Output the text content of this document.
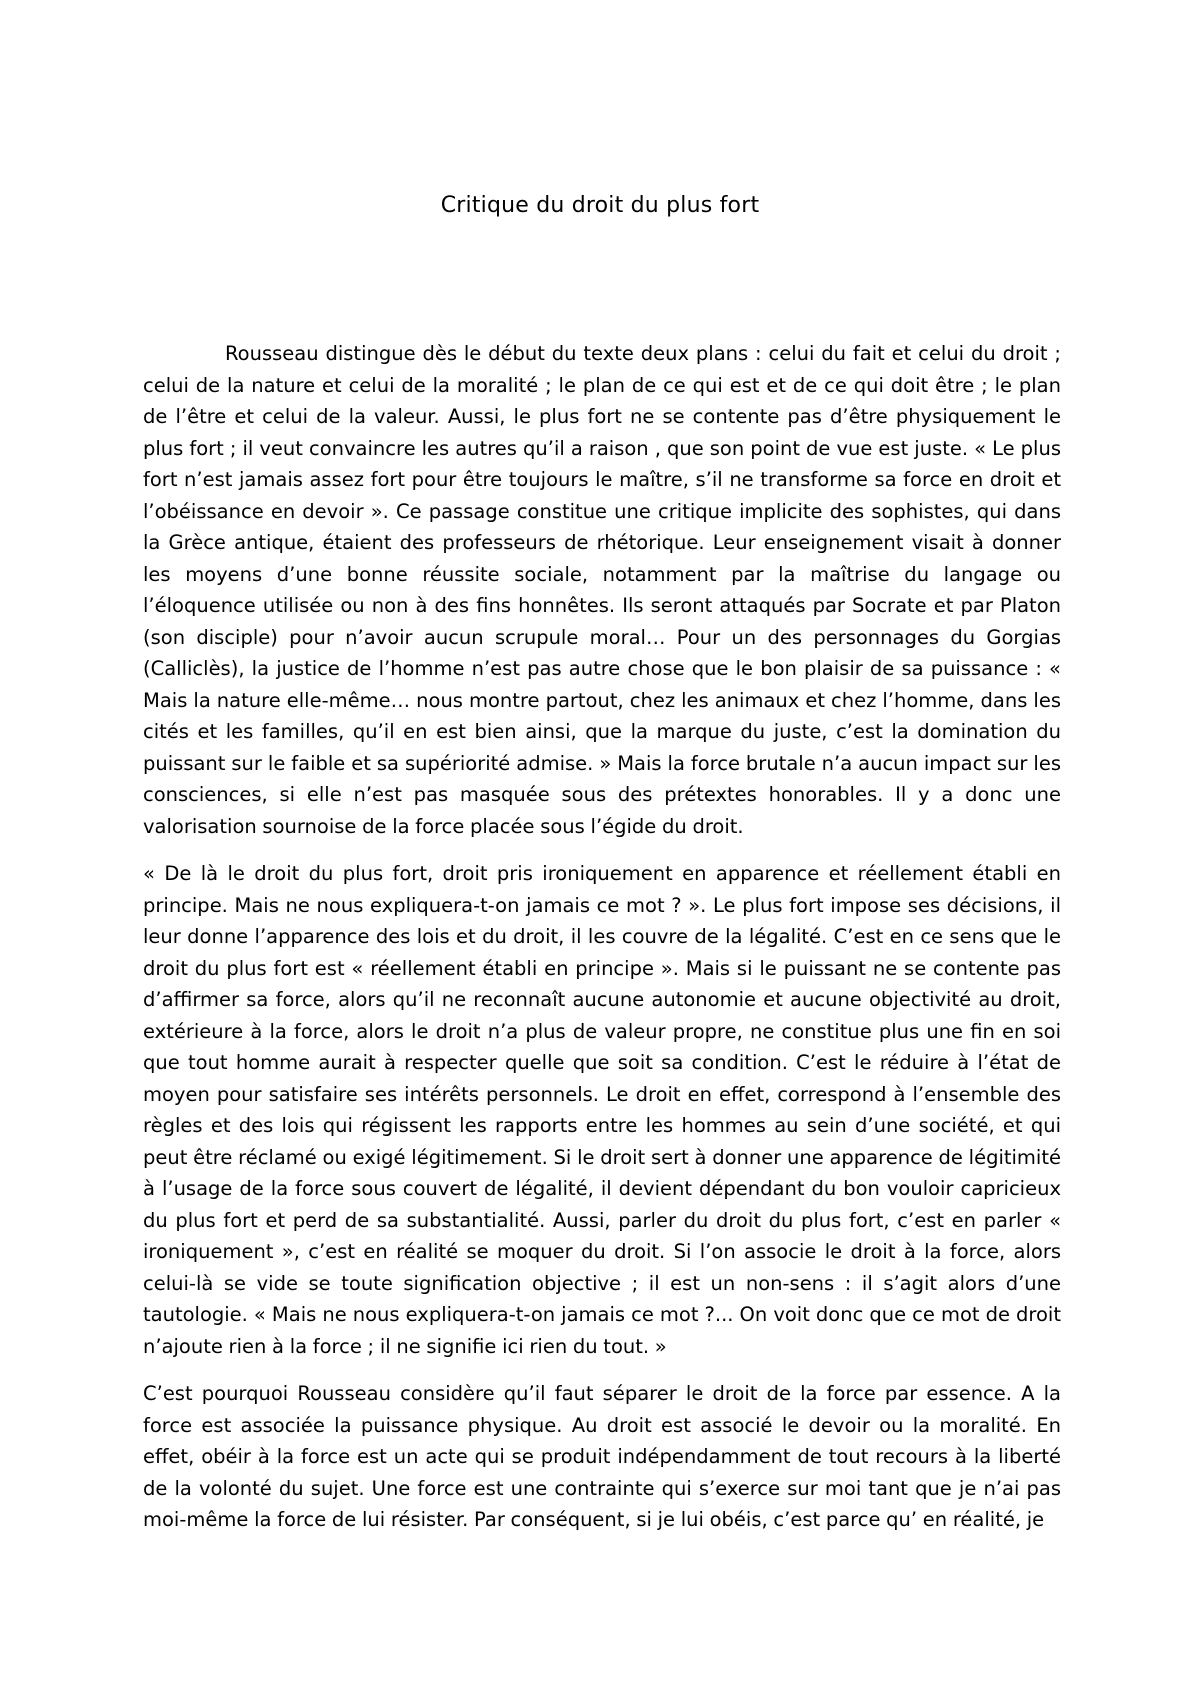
Critique du droit du plus fort

Rousseau distingue dès le début du texte deux plans : celui du fait et celui du droit ; celui de la nature et celui de la moralité ; le plan de ce qui est et de ce qui doit être ; le plan de l’être et celui de la valeur. Aussi, le plus fort ne se contente pas d’être physiquement le plus fort ; il veut convaincre les autres qu’il a raison , que son point de vue est juste. « Le plus fort n’est jamais assez fort pour être toujours le maître, s’il ne transforme sa force en droit et l’obéissance en devoir ». Ce passage constitue une critique implicite des sophistes, qui dans la Grèce antique, étaient des professeurs de rhétorique. Leur enseignement visait à donner les moyens d’une bonne réussite sociale, notamment par la maîtrise du langage ou l’éloquence utilisée ou non à des fins honnêtes. Ils seront attaqués par Socrate et par Platon (son disciple) pour n’avoir aucun scrupule moral… Pour un des personnages du Gorgias (Calliclès), la justice de l’homme n’est pas autre chose que le bon plaisir de sa puissance : « Mais la nature elle-même… nous montre partout, chez les animaux et chez l’homme, dans les cités et les familles, qu’il en est bien ainsi, que la marque du juste, c’est la domination du puissant sur le faible et sa supériorité admise. » Mais la force brutale n’a aucun impact sur les consciences, si elle n’est pas masquée sous des prétextes honorables. Il y a donc une valorisation sournoise de la force placée sous l’égide du droit.

« De là le droit du plus fort, droit pris ironiquement en apparence et réellement établi en principe. Mais ne nous expliquera-t-on jamais ce mot ? ». Le plus fort impose ses décisions, il leur donne l’apparence des lois et du droit, il les couvre de la légalité. C’est en ce sens que le droit du plus fort est « réellement établi en principe ». Mais si le puissant ne se contente pas d’affirmer sa force, alors qu’il ne reconnaît aucune autonomie et aucune objectivité au droit, extérieure à la force, alors le droit n’a plus de valeur propre, ne constitue plus une fin en soi que tout homme aurait à respecter quelle que soit sa condition. C’est le réduire à l’état de moyen pour satisfaire ses intérêts personnels. Le droit en effet, correspond à l’ensemble des règles et des lois qui régissent les rapports entre les hommes au sein d’une société, et qui peut être réclamé ou exigé légitimement. Si le droit sert à donner une apparence de légitimité à l’usage de la force sous couvert de légalité, il devient dépendant du bon vouloir capricieux du plus fort et perd de sa substantialité. Aussi, parler du droit du plus fort, c’est en parler « ironiquement », c’est en réalité se moquer du droit. Si l’on associe le droit à la force, alors celui-là se vide se toute signification objective ; il est un non-sens : il s’agit alors d’une tautologie. « Mais ne nous expliquera-t-on jamais ce mot ?... On voit donc que ce mot de droit n’ajoute rien à la force ; il ne signifie ici rien du tout. »

C’est pourquoi Rousseau considère qu’il faut séparer le droit de la force par essence. A la force est associée la puissance physique. Au droit est associé le devoir ou la moralité. En effet, obéir à la force est un acte qui se produit indépendamment de tout recours à la liberté de la volonté du sujet. Une force est une contrainte qui s’exerce sur moi tant que je n’ai pas moi-même la force de lui résister. Par conséquent, si je lui obéis, c’est parce qu’ en réalité, je
